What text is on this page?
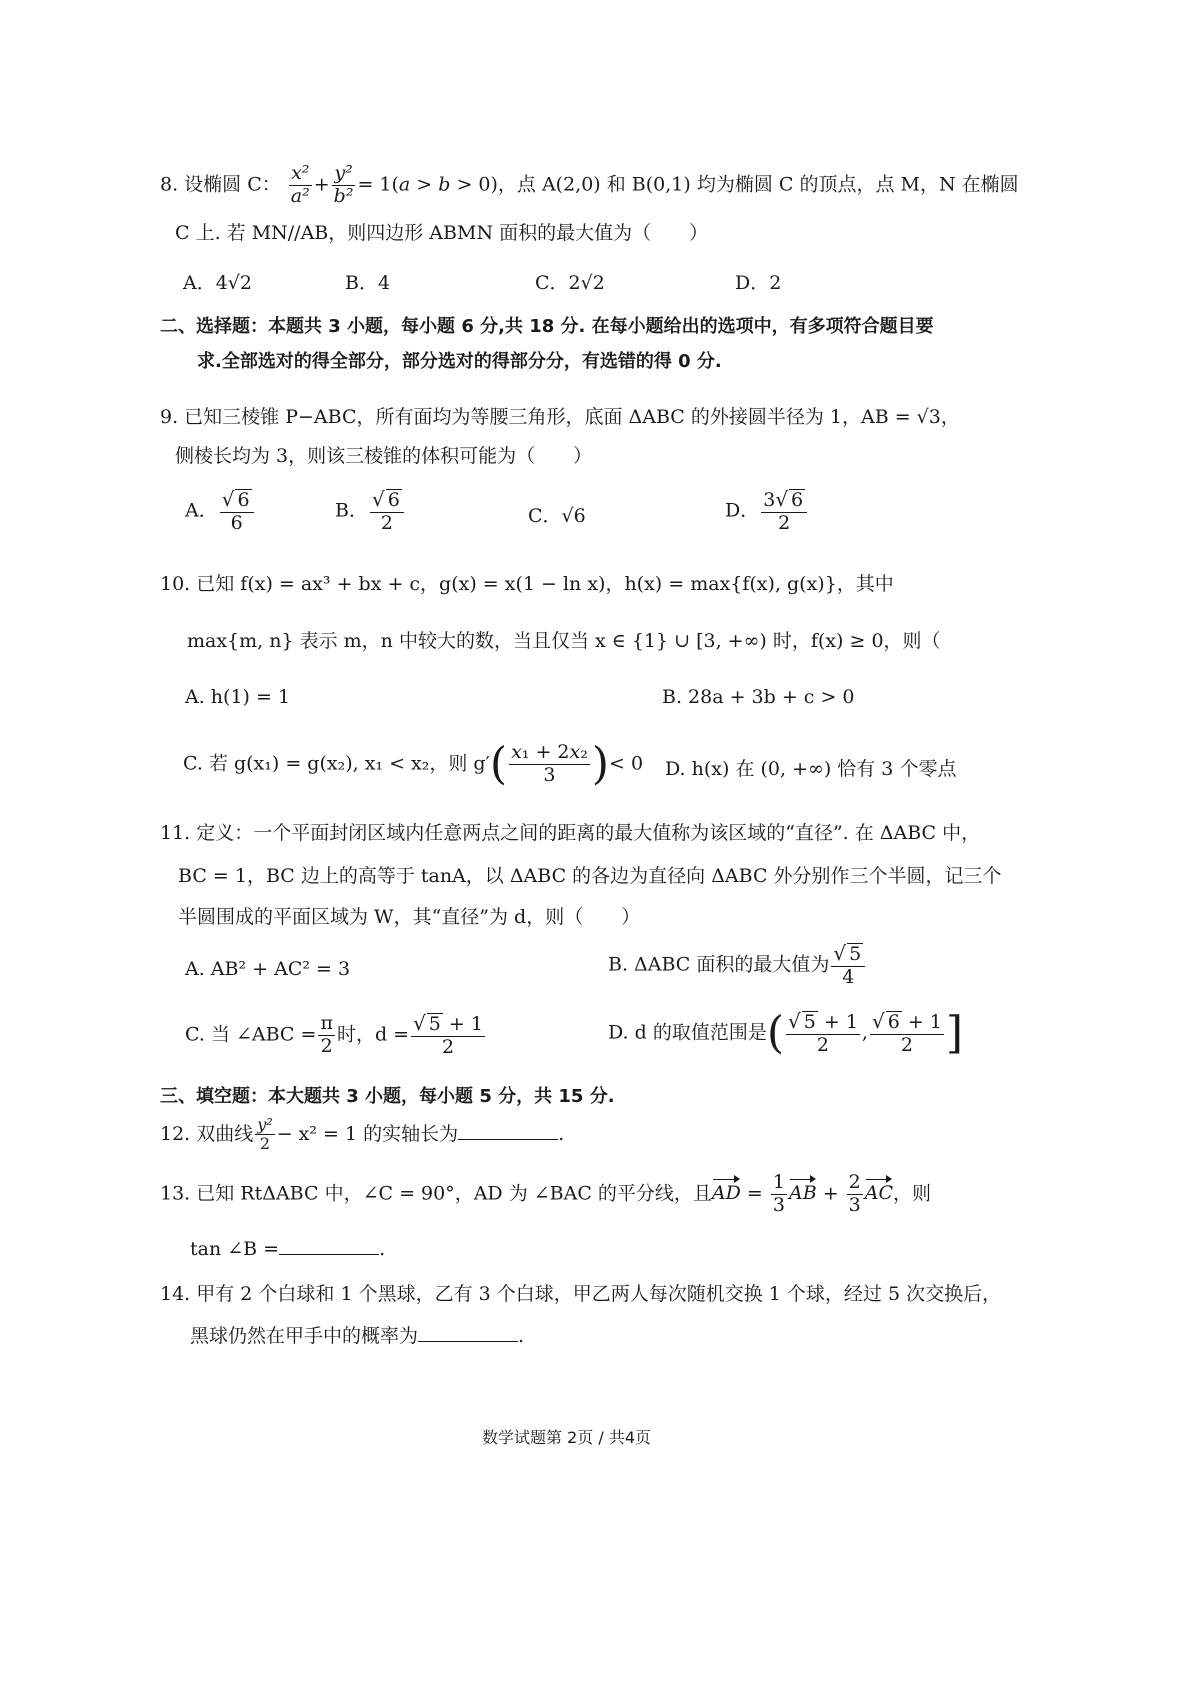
8. 设椭圆 C： $\frac{\text{x²}}{\text{a²}} + \frac{\text{y²}}{\text{b²}} = 1(a > b > 0)$，点 A(2,0) 和 B(0,1) 均为椭圆 C 的顶点，点 M，N 在椭圆
C 上. 若 MN//AB，则四边形 ABMN 面积的最大值为（　　）
A．4√2	B．4	C．2√2	D．2
二、选择题：本题共 3 小题，每小题 6 分,共 18 分. 在每小题给出的选项中，有多项符合题目要
求.全部选对的得全部分，部分选对的得部分分，有选错的得 0 分.
9. 已知三棱锥 P−ABC，所有面均为等腰三角形，底面 ΔABC 的外接圆半径为 1，AB = √3，
侧棱长均为 3，则该三棱锥的体积可能为（　　）
A． $\frac{√ 6}{6}$	B． $\frac{√ 6}{2}$	C．√6	D． $\frac{3√ 6}{2}$
10. 已知 f(x) = ax³ + bx + c，g(x) = x(1 − ln x)，h(x) = max{f(x), g(x)}，其中
max{m, n} 表示 m，n 中较大的数，当且仅当 x ∈ {1} ∪ [3, +∞) 时，f(x) ≥ 0，则（
A. h(1) = 1	B. 28a + 3b + c > 0
C. 若 g(x₁) = g(x₂), x₁ < x₂，则 $g'( \frac{\text{x₁ + 2x₂}}{3}$ )< 0 D. h(x) 在 (0, +∞) 恰有 3 个零点
11. 定义：一个平面封闭区域内任意两点之间的距离的最大值称为该区域的“直径”. 在 ΔABC 中，
BC = 1，BC 边上的高等于 tanA，以 ΔABC 的各边为直径向 ΔABC 外分别作三个半圆，记三个
半圆围成的平面区域为 W，其“直径”为 d，则（　　）
A. AB² + AC² = 3	B. ΔABC 面积的最大值为 $\frac{√ 5}{4}$
C. 当 ∠ABC = $\frac{\pi}{2}$ 时，$d = \frac{√ 5 + 1}{2}$	D. d 的取值范围是( $\frac{√ 5 + 1}{2}$ , $\frac{√ 6 + 1}{2}$ ]
三、填空题：本大题共 3 小题，每小题 5 分，共 15 分.
12. 双曲线 $\frac{\text{y²}}{2} - x^2 = 1$ 的实轴长为	.
13. 已知 RtΔABC 中，∠C = 90°，AD 为 ∠BAC 的平分线，且AD = $\frac{1}{3}$ AB + $\frac{2}{3}$ AC，则
tan ∠B =	.
14. 甲有 2 个白球和 1 个黑球，乙有 3 个白球，甲乙两人每次随机交换 1 个球，经过 5 次交换后，
黑球仍然在甲手中的概率为	.
数学试题第 2页 / 共4页
